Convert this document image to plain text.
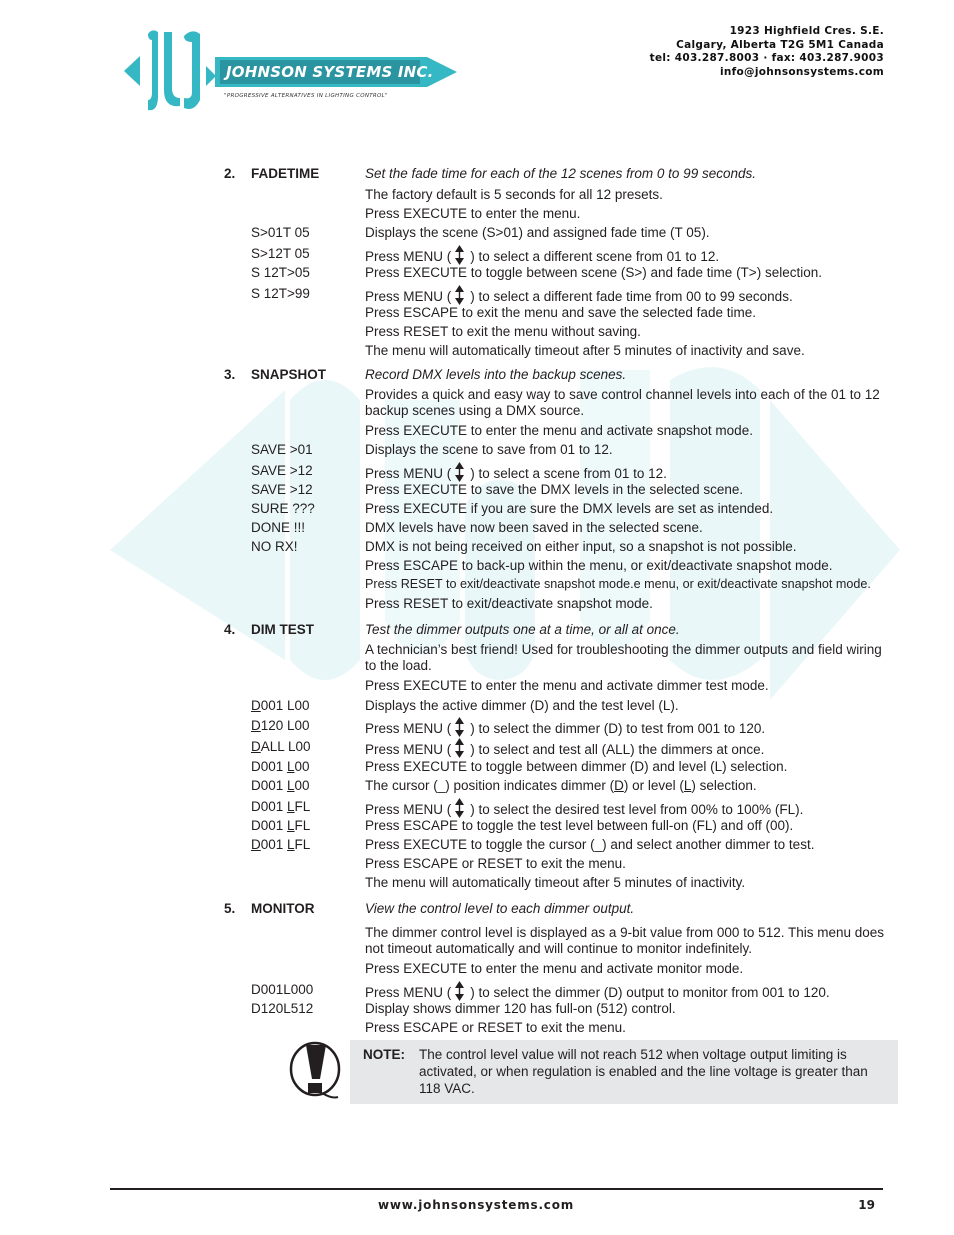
JOHNSON SYSTEMS INC.
"PROGRESSIVE ALTERNATIVES IN LIGHTING CONTROL"
1923 Highfield Cres. S.E.
Calgary, Alberta T2G 5M1 Canada
tel: 403.287.8003 · fax: 403.287.9003
info@johnsonsystems.com
2. FADETIME	Set the fade time for each of the 12 scenes from 0 to 99 seconds.
The factory default is 5 seconds for all 12 presets.
Press EXECUTE to enter the menu.
S>01T 05	Displays the scene (S>01) and assigned fade time (T 05).
S>12T 05	Press MENU ( ) to select a different scene from 01 to 12.
S 12T>05	Press EXECUTE to toggle between scene (S>) and fade time (T>) selection.
S 12T>99	Press MENU ( ) to select a different fade time from 00 to 99 seconds.
Press ESCAPE to exit the menu and save the selected fade time.
Press RESET to exit the menu without saving.
The menu will automatically timeout after 5 minutes of inactivity and save.
3. SNAPSHOT	Record DMX levels into the backup scenes.
Provides a quick and easy way to save control channel levels into each of the 01 to 12 backup scenes using a DMX source.
Press EXECUTE to enter the menu and activate snapshot mode.
SAVE >01	Displays the scene to save from 01 to 12.
SAVE >12	Press MENU ( ) to select a scene from 01 to 12.
SAVE >12	Press EXECUTE to save the DMX levels in the selected scene.
SURE ???	Press EXECUTE if you are sure the DMX levels are set as intended.
DONE !!!	DMX levels have now been saved in the selected scene.
NO RX!	DMX is not being received on either input, so a snapshot is not possible.
Press ESCAPE to back-up within the menu, or exit/deactivate snapshot mode.
Press RESET to exit/deactivate snapshot mode.e menu, or exit/deactivate snapshot mode.
Press RESET to exit/deactivate snapshot mode.
4. DIM TEST	Test the dimmer outputs one at a time, or all at once.
A technician’s best friend! Used for troubleshooting the dimmer outputs and field wiring to the load.
Press EXECUTE to enter the menu and activate dimmer test mode.
D001 L00	Displays the active dimmer (D) and the test level (L).
D120 L00	Press MENU ( ) to select the dimmer (D) to test from 001 to 120.
DALL L00	Press MENU ( ) to select and test all (ALL) the dimmers at once.
D001 L00	Press EXECUTE to toggle between dimmer (D) and level (L) selection.
D001 L00	The cursor (_) position indicates dimmer (D) or level (L) selection.
D001 LFL	Press MENU ( ) to select the desired test level from 00% to 100% (FL).
D001 LFL	Press ESCAPE to toggle the test level between full-on (FL) and off (00).
D001 LFL	Press EXECUTE to toggle the cursor (_) and select another dimmer to test.
Press ESCAPE or RESET to exit the menu.
The menu will automatically timeout after 5 minutes of inactivity.
5. MONITOR	View the control level to each dimmer output.
The dimmer control level is displayed as a 9-bit value from 000 to 512. This menu does not timeout automatically and will continue to monitor indefinitely.
Press EXECUTE to enter the menu and activate monitor mode.
D001L000	Press MENU ( ) to select the dimmer (D) output to monitor from 001 to 120.
D120L512	Display shows dimmer 120 has full-on (512) control.
Press ESCAPE or RESET to exit the menu.
NOTE: The control level value will not reach 512 when voltage output limiting is activated, or when regulation is enabled and the line voltage is greater than 118 VAC.
www.johnsonsystems.com	19
